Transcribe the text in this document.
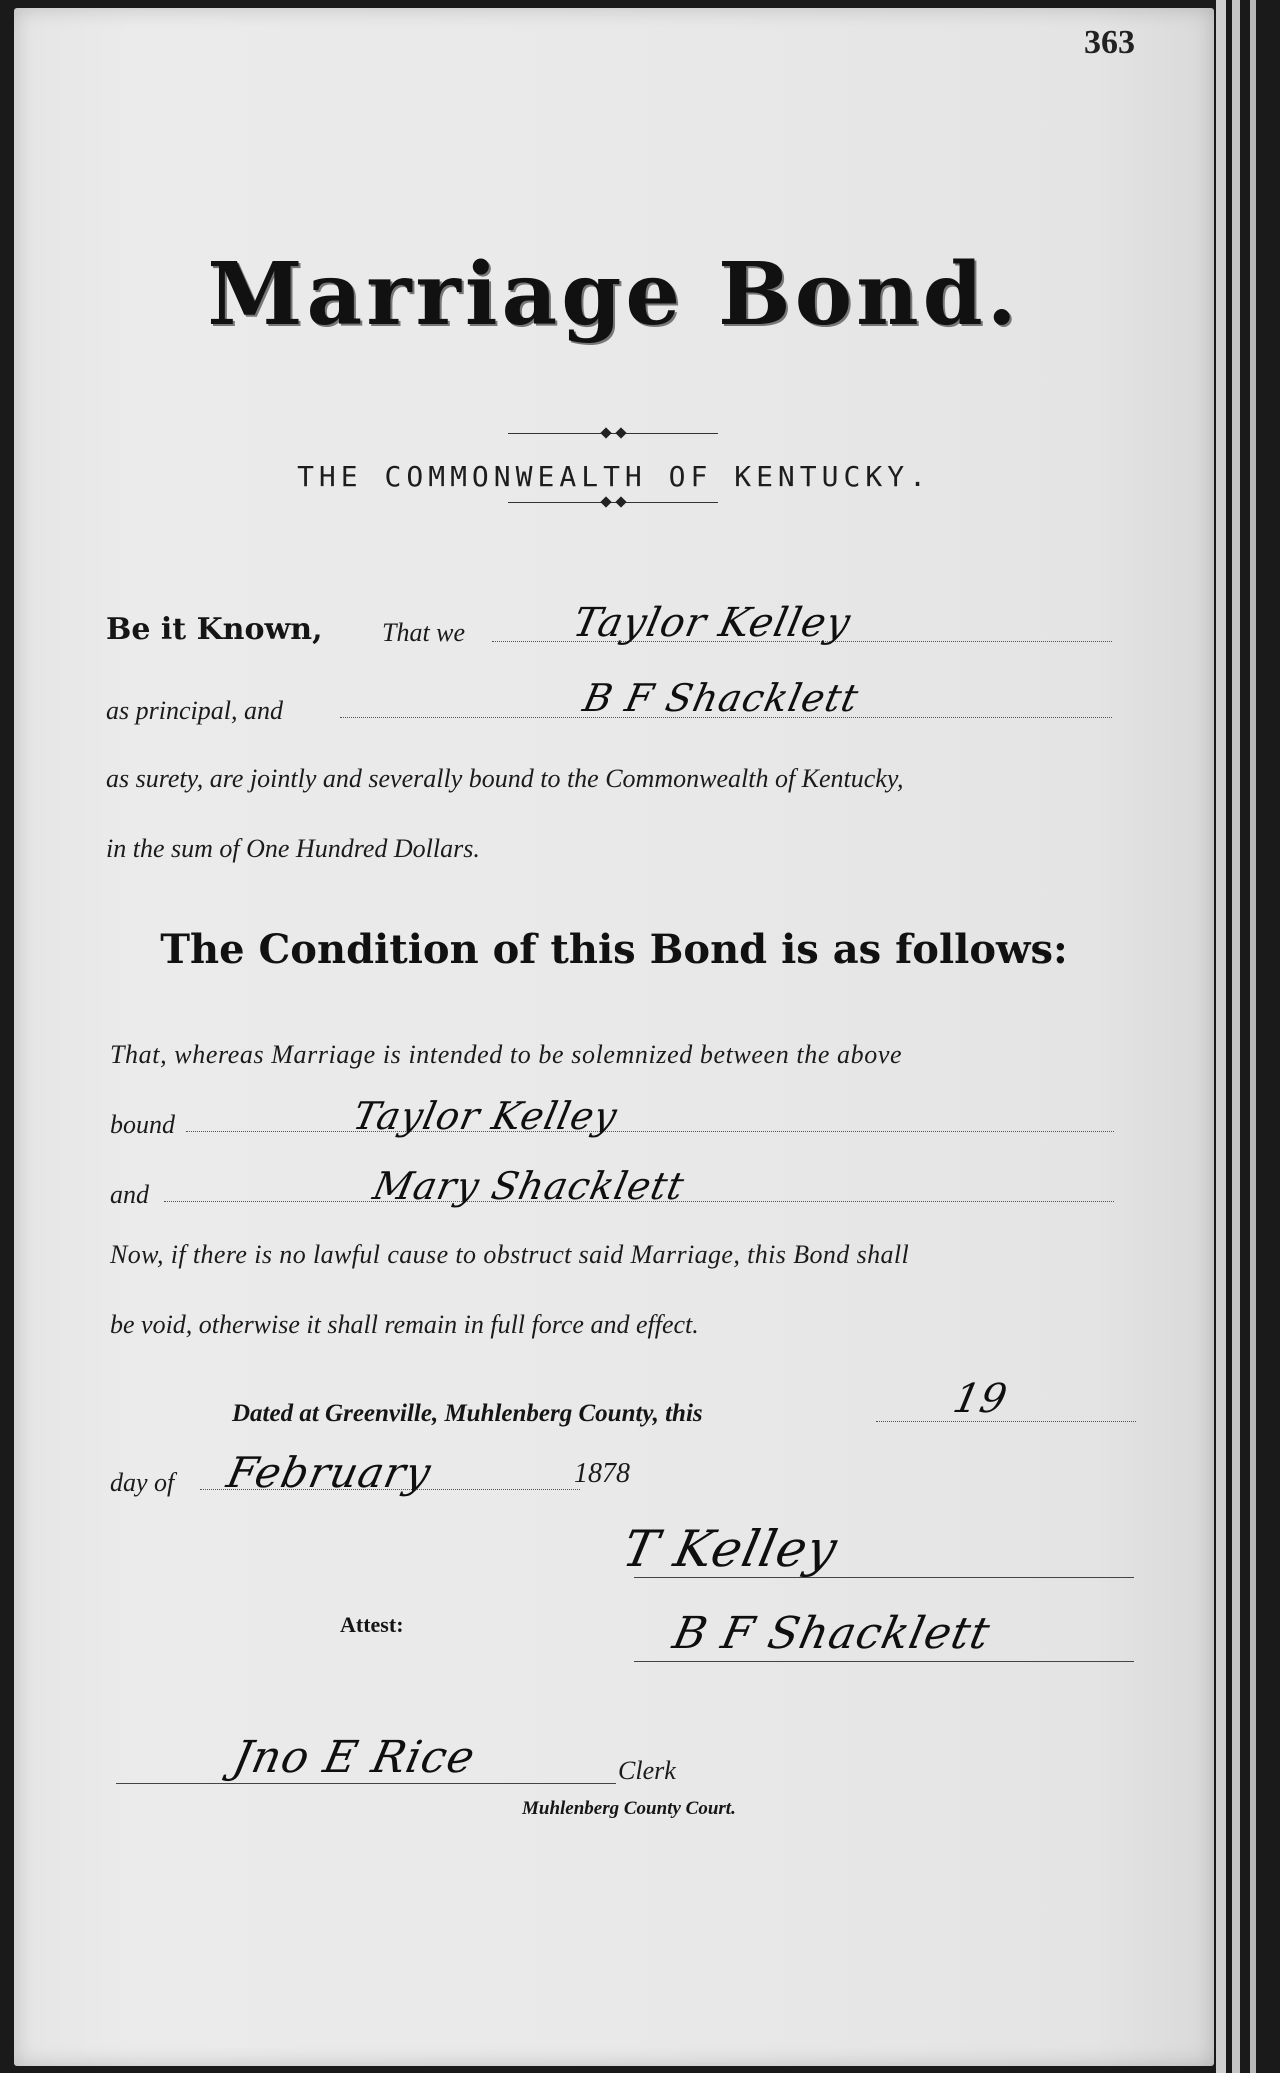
363
Marriage Bond.
THE COMMONWEALTH OF KENTUCKY.
Be it Known, That we	Taylor Kelley
as principal, and	B F Shacklett
as surety, are jointly and severally bound to the Commonwealth of Kentucky,
in the sum of One Hundred Dollars.
The Condition of this Bond is as follows:
That, whereas Marriage is intended to be solemnized between the above
bound	Taylor Kelley
and	Mary Shacklett
Now, if there is no lawful cause to obstruct said Marriage, this Bond shall
be void, otherwise it shall remain in full force and effect.
Dated at Greenville, Muhlenberg County, this	19
day of February	1878
T Kelley
Attest:	B F Shacklett
Jno E Rice	Clerk
Muhlenberg County Court.
